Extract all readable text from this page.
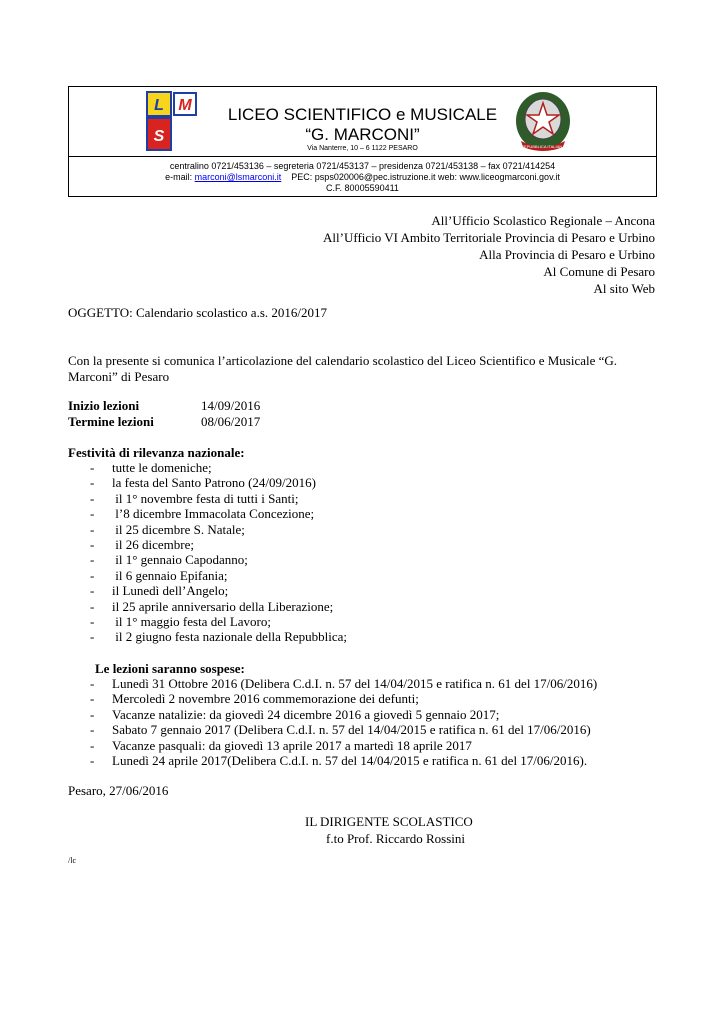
L M
S
LICEO SCIENTIFICO e MUSICALE
“G. MARCONI”
Via Nanterre, 10 – 6 1122 PESARO	REPUBBLICA ITALIANA
centralino 0721/453136 – segreteria 0721/453137 – presidenza 0721/453138 – fax 0721/414254
e-mail: marconi@lsmarconi.it PEC: psps020006@pec.istruzione.it web: www.liceogmarconi.gov.it
C.F. 80005590411
All’Ufficio Scolastico Regionale – Ancona
All’Ufficio VI Ambito Territoriale Provincia di Pesaro e Urbino
Alla Provincia di Pesaro e Urbino
Al Comune di Pesaro
Al sito Web
OGGETTO: Calendario scolastico a.s. 2016/2017
Con la presente si comunica l’articolazione del calendario scolastico del Liceo Scientifico e Musicale “G. Marconi” di Pesaro
Inizio lezioni	14/09/2016
Termine lezioni	08/06/2017
Festività di rilevanza nazionale:
-	tutte le domeniche;
-	la festa del Santo Patrono (24/09/2016)
-	il 1° novembre festa di tutti i Santi;
-	l’8 dicembre Immacolata Concezione;
-	il 25 dicembre S. Natale;
-	il 26 dicembre;
-	il 1° gennaio Capodanno;
-	il 6 gennaio Epifania;
-	il Lunedì dell’Angelo;
-	il 25 aprile anniversario della Liberazione;
-	il 1° maggio festa del Lavoro;
-	il 2 giugno festa nazionale della Repubblica;
Le lezioni saranno sospese:
-	Lunedì 31 Ottobre 2016 (Delibera C.d.I. n. 57 del 14/04/2015 e ratifica n. 61 del 17/06/2016)
-	Mercoledì 2 novembre 2016 commemorazione dei defunti;
-	Vacanze natalizie: da giovedì 24 dicembre 2016 a giovedì 5 gennaio 2017;
-	Sabato 7 gennaio 2017 (Delibera C.d.I. n. 57 del 14/04/2015 e ratifica n. 61 del 17/06/2016)
-	Vacanze pasquali: da giovedì 13 aprile 2017 a martedì 18 aprile 2017
-	Lunedì 24 aprile 2017(Delibera C.d.I. n. 57 del 14/04/2015 e ratifica n. 61 del 17/06/2016).
Pesaro, 27/06/2016
IL DIRIGENTE SCOLASTICO
f.to Prof. Riccardo Rossini
/lc
